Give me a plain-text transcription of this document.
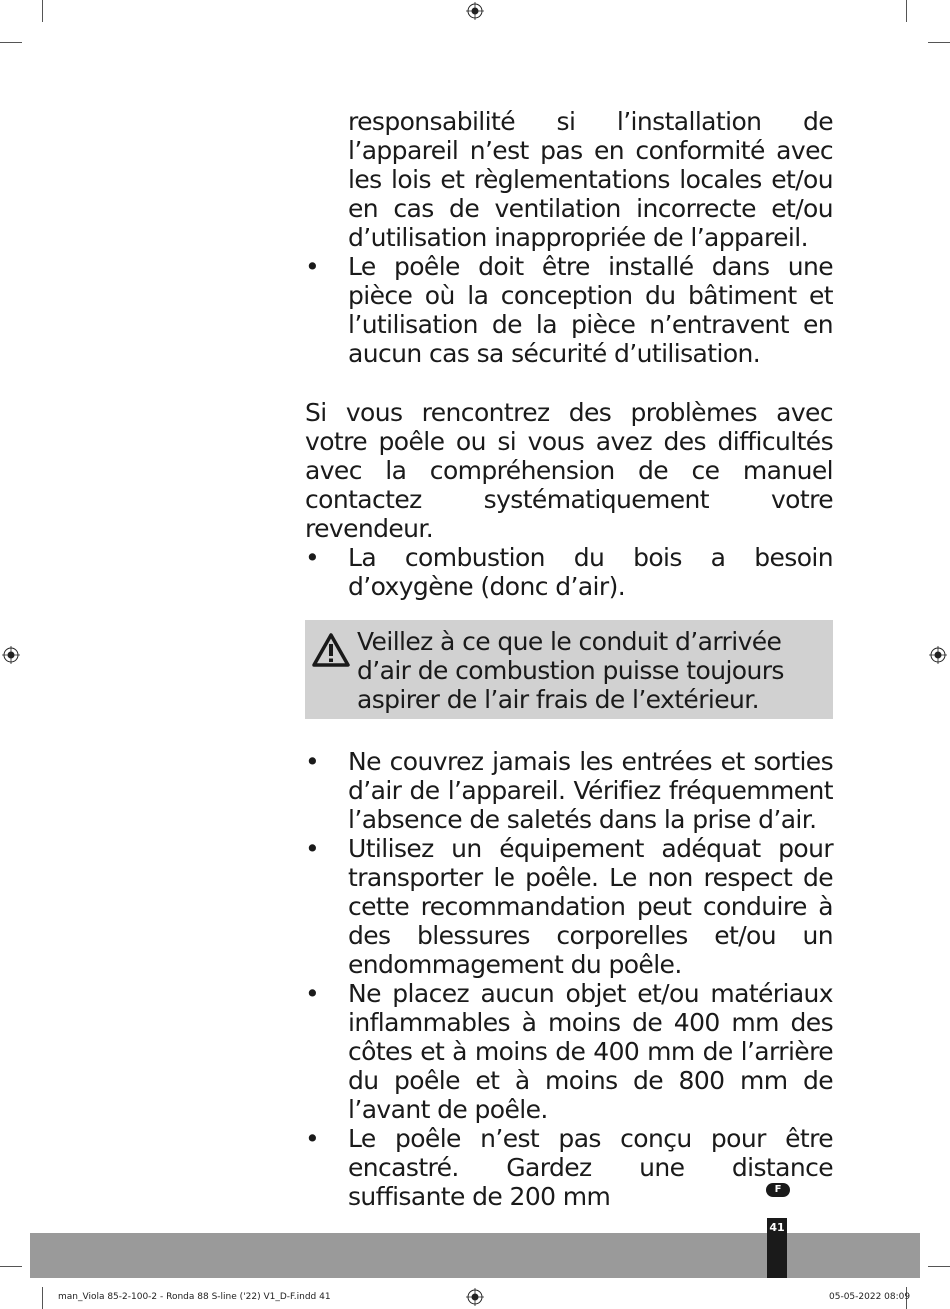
responsabilité si l’installation de l’appareil n’est pas en conformité avec les lois et règlementations locales et/ou en cas de ventilation incorrecte et/ou d’utilisation inappropriée de l’appareil.

•	Le poêle doit être installé dans une pièce où la conception du bâtiment et l’utilisation de la pièce n’entravent en aucun cas sa sécurité d’utilisation.

Si vous rencontrez des problèmes avec votre poêle ou si vous avez des difficultés avec la compréhension de ce manuel contactez systématiquement votre revendeur.

•	La combustion du bois a besoin d’oxygène (donc d’air).
Veillez à ce que le conduit d’arrivée d’air de combustion puisse toujours aspirer de l’air frais de l’extérieur.
•	Ne couvrez jamais les entrées et sorties d’air de l’appareil. Vérifiez fréquemment l’absence de saletés dans la prise d’air.
•	Utilisez un équipement adéquat pour transporter le poêle. Le non respect de cette recommandation peut conduire à des blessures corporelles et/ou un endommagement du poêle.
•	Ne placez aucun objet et/ou matériaux inflammables à moins de 400 mm des côtes et à moins de 400 mm de l’arrière du poêle et à moins de 800 mm de l’avant de poêle.
•	Le poêle n’est pas conçu pour être encastré. Gardez une distance suffisante de 200 mm	F
41
man_Viola 85-2-100-2 - Ronda 88 S-line ('22) V1_D-F.indd 41	05-05-2022 08:09
